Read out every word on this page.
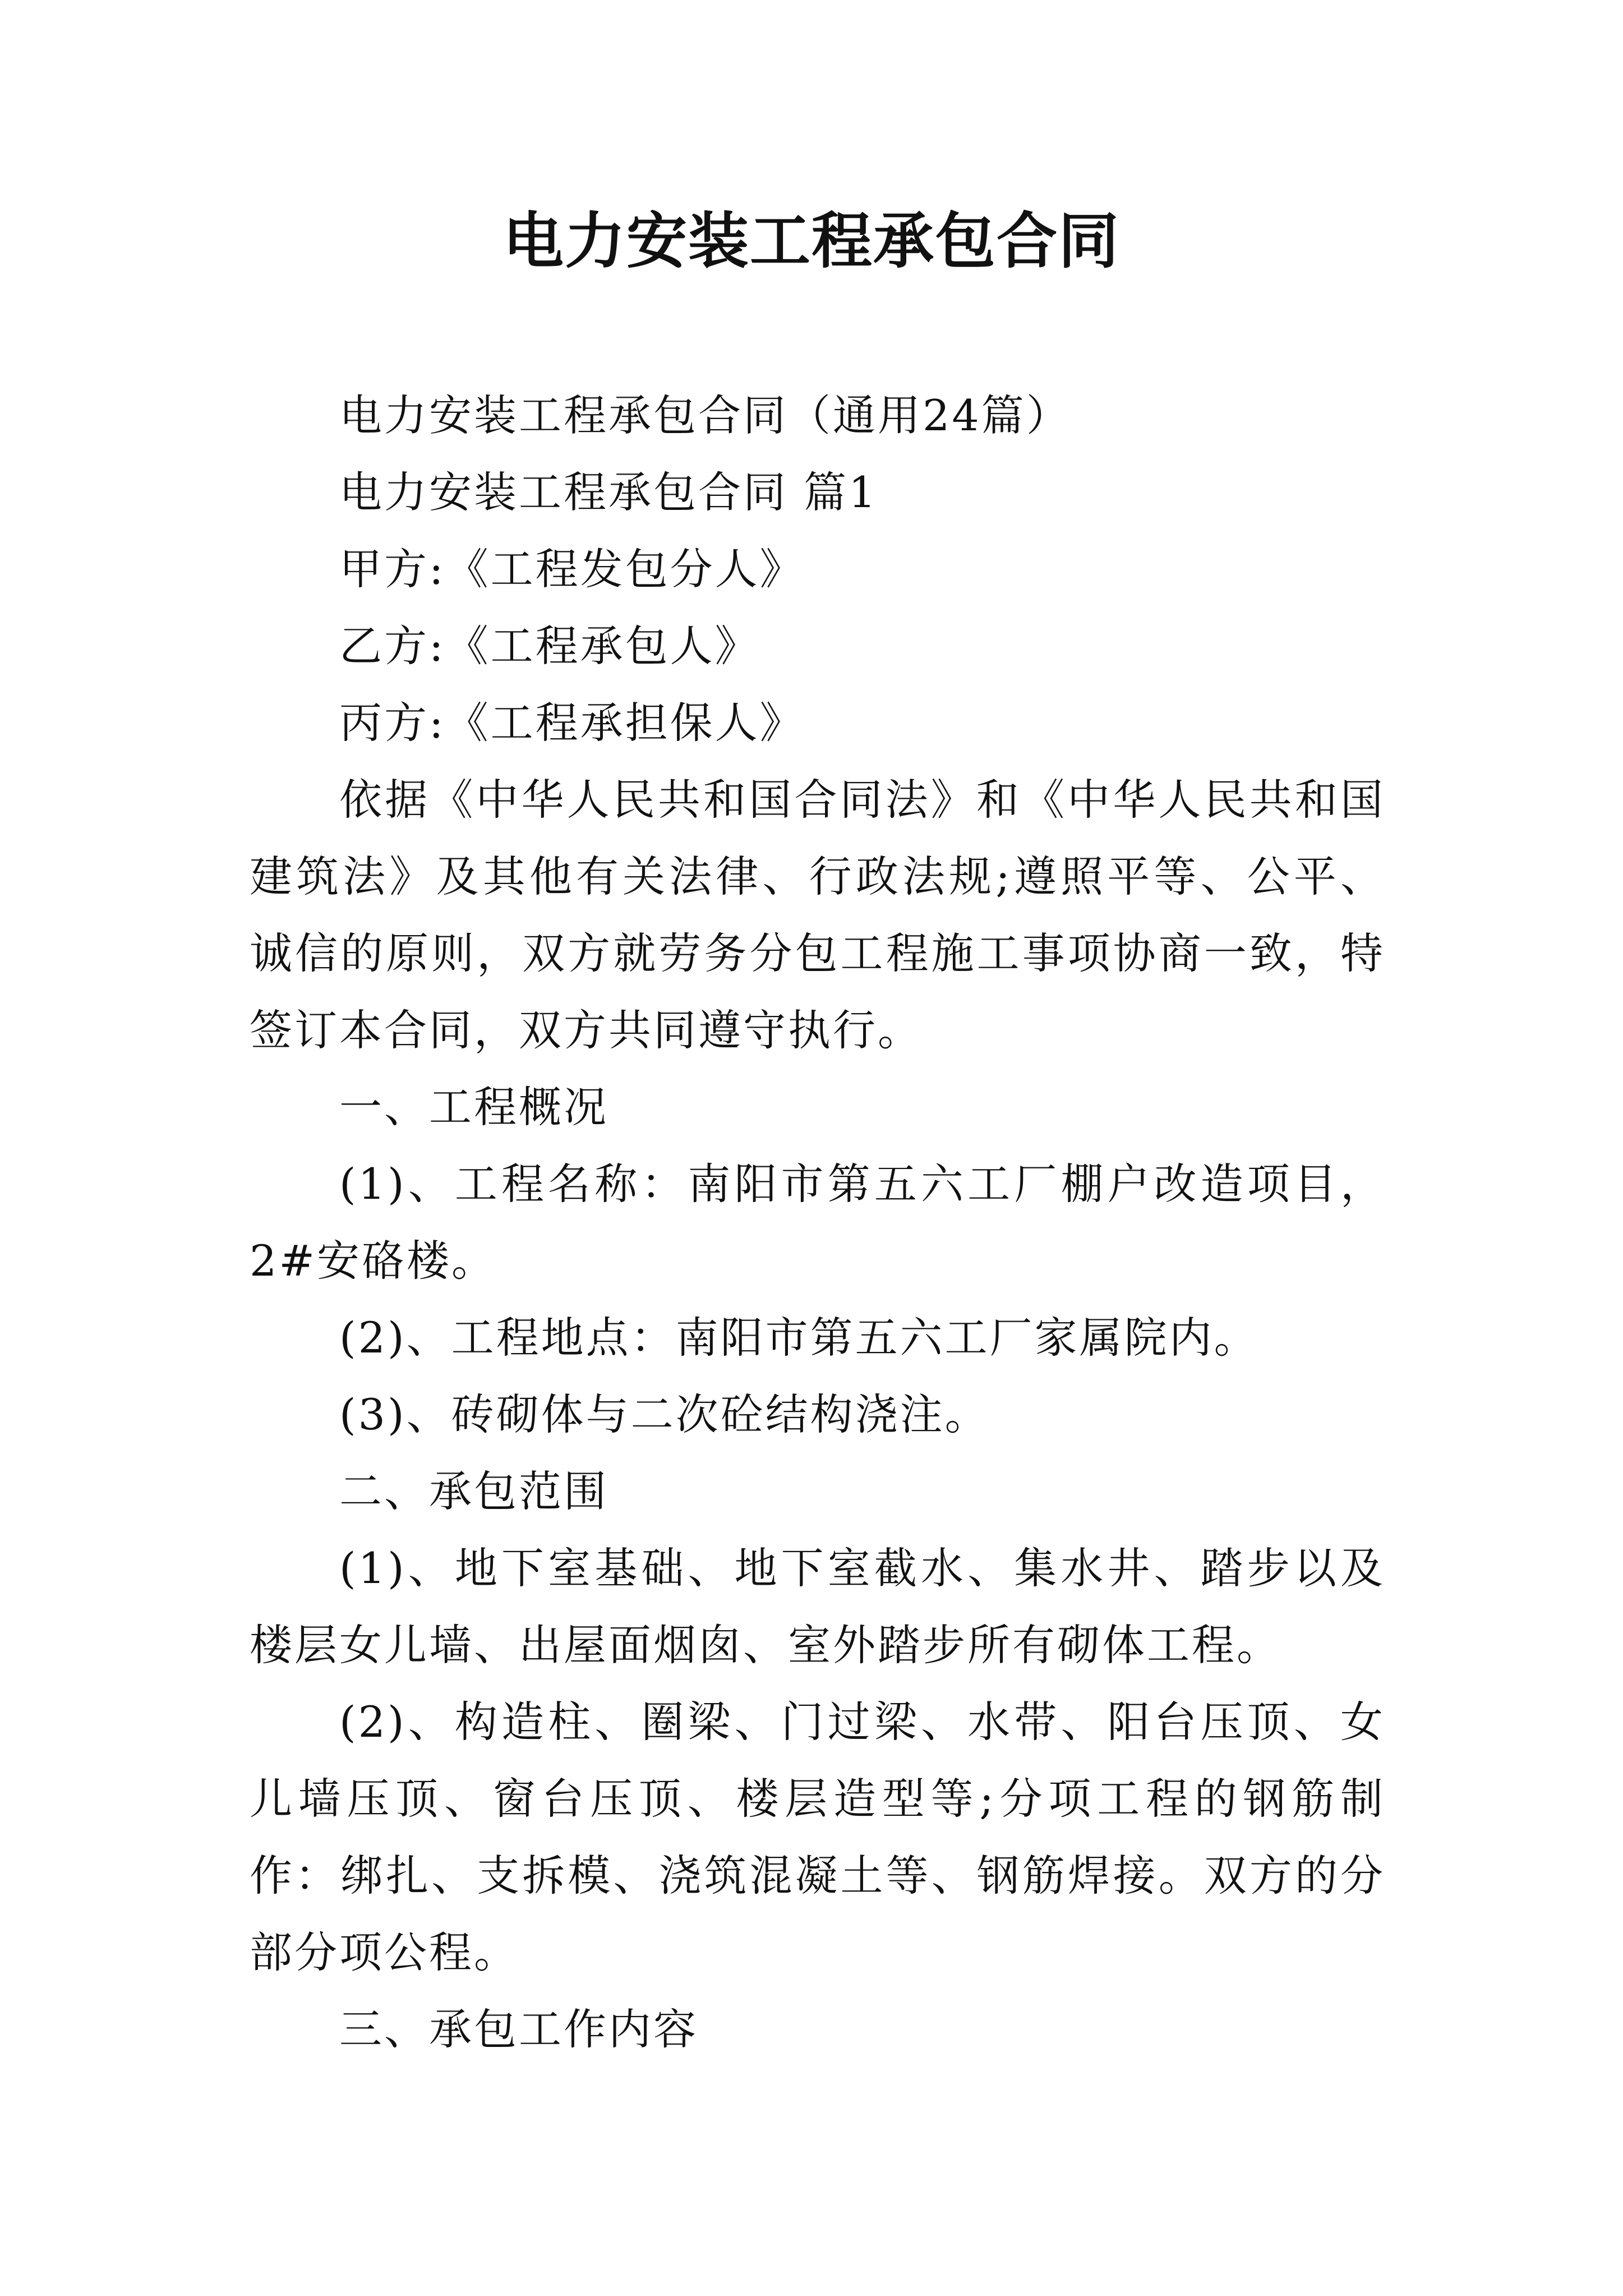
电力安装工程承包合同

电力安装工程承包合同（通用24篇）

电力安装工程承包合同 篇1

甲方:《工程发包分人》

乙方:《工程承包人》

丙方:《工程承担保人》

依据《中华人民共和国合同法》和《中华人民共和国建筑法》及其他有关法律、行政法规;遵照平等、公平、诚信的原则，双方就劳务分包工程施工事项协商一致，特签订本合同，双方共同遵守执行。

一、工程概况

(1)、工程名称：南阳市第五六工厂棚户改造项目，2#安硌楼。

(2)、工程地点：南阳市第五六工厂家属院内。

(3)、砖砌体与二次砼结构浇注。

二、承包范围

(1)、地下室基础、地下室截水、集水井、踏步以及楼层女儿墙、出屋面烟囱、室外踏步所有砌体工程。

(2)、构造柱、圈梁、门过梁、水带、阳台压顶、女儿墙压顶、窗台压顶、楼层造型等;分项工程的钢筋制作：绑扎、支拆模、浇筑混凝土等、钢筋焊接。双方的分部分项公程。

三、承包工作内容
